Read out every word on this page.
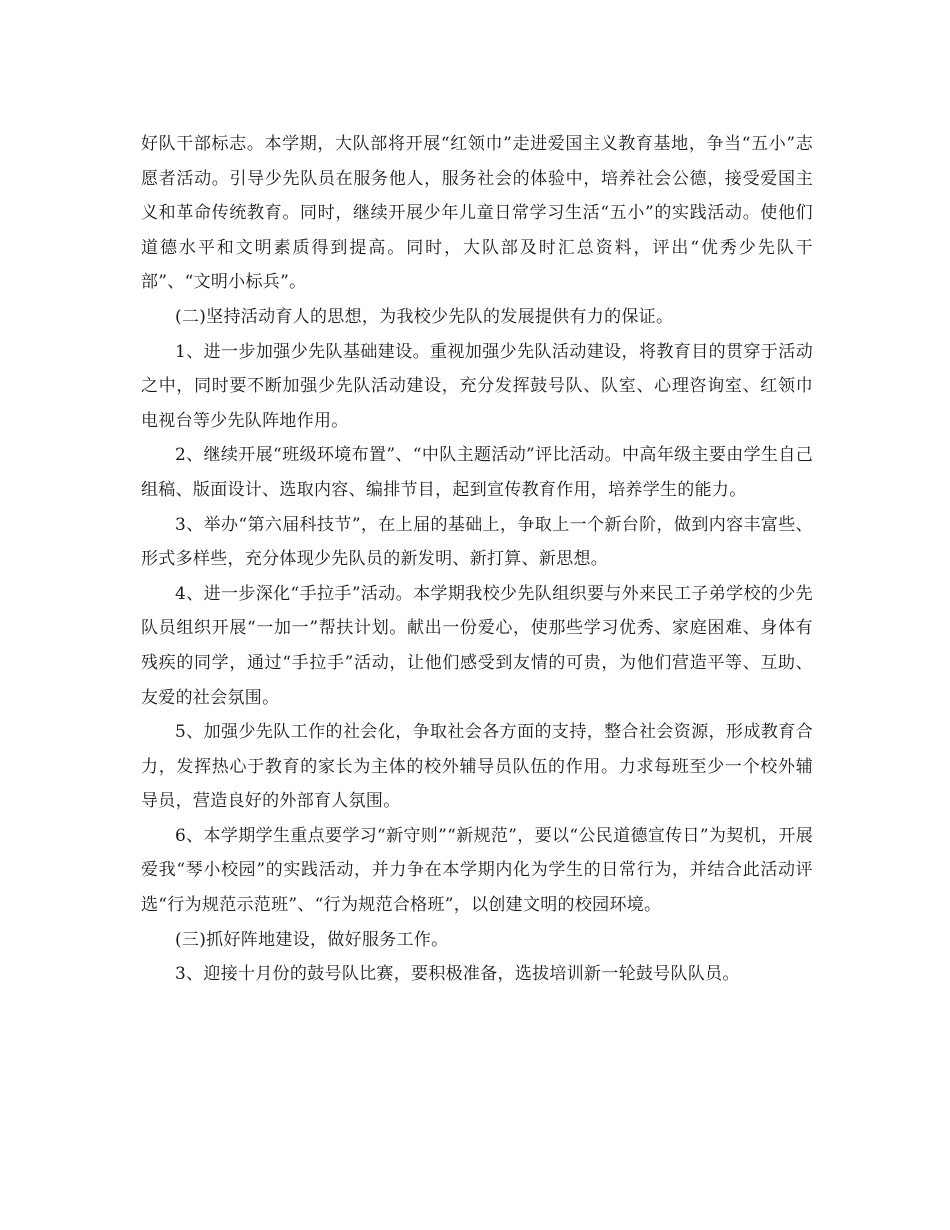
好队干部标志。本学期，大队部将开展“红领巾”走进爱国主义教育基地，争当“五小”志愿者活动。引导少先队员在服务他人，服务社会的体验中，培养社会公德，接受爱国主义和革命传统教育。同时，继续开展少年儿童日常学习生活“五小”的实践活动。使他们道德水平和文明素质得到提高。同时，大队部及时汇总资料，评出“优秀少先队干部”、“文明小标兵”。

(二)坚持活动育人的思想，为我校少先队的发展提供有力的保证。

1、进一步加强少先队基础建设。重视加强少先队活动建设，将教育目的贯穿于活动之中，同时要不断加强少先队活动建设，充分发挥鼓号队、队室、心理咨询室、红领巾电视台等少先队阵地作用。

2、继续开展“班级环境布置”、“中队主题活动”评比活动。中高年级主要由学生自己组稿、版面设计、选取内容、编排节目，起到宣传教育作用，培养学生的能力。

3、举办“第六届科技节”，在上届的基础上，争取上一个新台阶，做到内容丰富些、形式多样些，充分体现少先队员的新发明、新打算、新思想。

4、进一步深化“手拉手”活动。本学期我校少先队组织要与外来民工子弟学校的少先队员组织开展“一加一”帮扶计划。献出一份爱心，使那些学习优秀、家庭困难、身体有残疾的同学，通过“手拉手”活动，让他们感受到友情的可贵，为他们营造平等、互助、友爱的社会氛围。

5、加强少先队工作的社会化，争取社会各方面的支持，整合社会资源，形成教育合力，发挥热心于教育的家长为主体的校外辅导员队伍的作用。力求每班至少一个校外辅导员，营造良好的外部育人氛围。

6、本学期学生重点要学习“新守则”“新规范”，要以“公民道德宣传日”为契机，开展爱我“琴小校园”的实践活动，并力争在本学期内化为学生的日常行为，并结合此活动评选“行为规范示范班”、“行为规范合格班”，以创建文明的校园环境。

(三)抓好阵地建设，做好服务工作。

3、迎接十月份的鼓号队比赛，要积极准备，选拔培训新一轮鼓号队队员。
